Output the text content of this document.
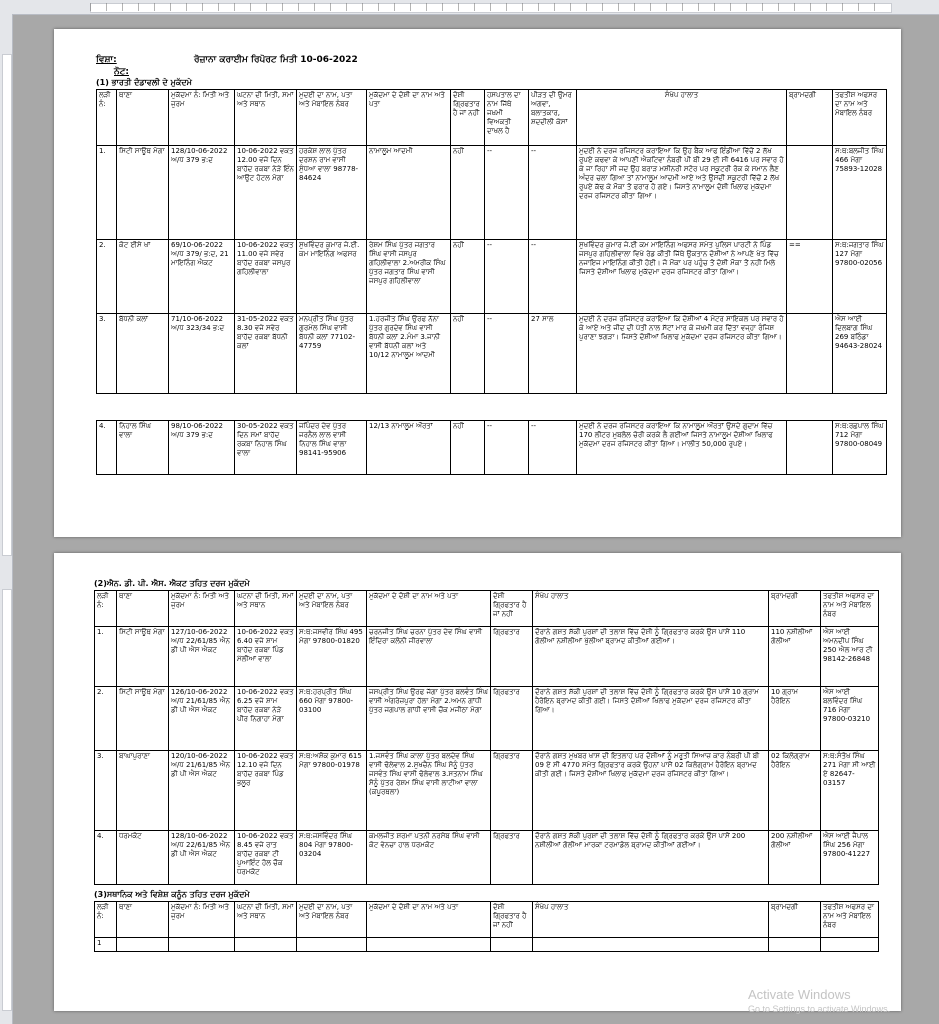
ਵਿਸ਼ਾ:	ਰੋਜ਼ਾਨਾ ਕਰਾਈਮ ਰਿਪੋਰਟ ਮਿਤੀ 10-06-2022
ਨੋਟ:
(1) ਭਾਰਤੀ ਦੰਡਾਵਲੀ ਦੇ ਮੁਕੱਦਮੇ
ਲੜੀ ਨੰ:	ਥਾਣਾ	ਮੁਕੱਦਮਾ ਨੰ: ਮਿਤੀ ਅਤੇ ਜੁਰਮ	ਘਟਨਾ ਦੀ ਮਿਤੀ, ਸਮਾਂ ਅਤੇ ਸਥਾਨ	ਮੁਦਈ ਦਾ ਨਾਮ, ਪਤਾ ਅਤੇ ਮੋਬਾਇਲ ਨੰਬਰ	ਮੁਕੱਦਮਾ ਦੇ ਦੋਸ਼ੀ ਦਾ ਨਾਮ ਅਤੇ ਪਤਾ	ਦੋਸ਼ੀ ਗ੍ਰਿਫਤਾਰ ਹੈ ਜਾਂ ਨਹੀਂ	ਹਸਪਤਾਲ ਦਾ ਨਾਮ ਜਿੱਥੇ ਜਖ਼ਮੀ ਵਿਅਕਤੀ ਦਾਖਲ ਹੈ	ਪੀੜਤ ਦੀ ਉਮਰ ਅਗਵਾ, ਬਲਾਤਕਾਰ, ਸ਼ਦਦੀਲੀ ਕੇਸਾਂ	ਸੰਖੇਪ ਹਾਲਾਤ	ਬ੍ਰਾਮਦਗੀ	ਤਫਤੀਸ਼ ਅਫਸਰ ਦਾ ਨਾਮ ਅਤੇ ਮੋਬਾਇਲ ਨੰਬਰ
1.	ਸਿਟੀ ਸਾਊਥ ਮੋਗਾ	128/10-06-2022 ਅ/ਧ 379 ਭ:ਦ	10-06-2022 ਵਕਤ 12.00 ਵਜੇ ਦਿਨ ਬਾਹੱਦ ਰਕਬਾ ਨੇੜੇ ਇੰਨ ਆਉਟ ਹੋਟਲ ਮੋਗਾ	ਹਰਕੇਸ਼ ਲਾਲ ਪੁੱਤਰ ਦਰਸ਼ਨ ਰਾਮ ਵਾਸੀ ਸੁੰਧਆ ਵਾਲਾ 98778-84624	ਨਾਮਾਲੂਮ ਆਦਮੀ	ਨਹੀਂ	--	--	ਮੁਦਈ ਨੇ ਦਰਜ ਰਜਿਸਟਰ ਕਰਾਇਆ ਕਿ ਉਹ ਬੈਂਕ ਆਫ ਇੰਡੀਆ ਵਿੱਚੋਂ 2 ਲੱਖ ਰੁਪਏ ਕਢਵਾ ਕੇ ਆਪਣੀ ਐਕਟਿਵਾ ਨੰਬਰੀ ਪੀ ਬੀ 29 ਈ ਸੀ 6416 ਪਰ ਸਵਾਰ ਹੋ ਕੇ ਜਾ ਰਿਹਾ ਸੀ ਜਦ ਉਹ ਬਰਾੜ ਮਸ਼ੀਨਰੀ ਸਟੋਰ ਪਰ ਸਕੂਟਰੀ ਰੋਕ ਕੇ ਸਮਾਨ ਲੈਣ ਅੰਦਰ ਚਲਾ ਗਿਆ ਤਾਂ ਨਾਮਾਲੂਮ ਆਦਮੀ ਆਏ ਅਤੇ ਉਸਦੀ ਸਕੂਟਰੀ ਵਿੱਚੋਂ 2 ਲੱਖ ਰੁਪਏ ਕੱਢ ਕੇ ਮੌਕਾ ਤੋਂ ਫਰਾਰ ਹੋ ਗਏ। ਜਿਸਤੇ ਨਾਮਾਲੂਮ ਦੋਸ਼ੀ ਖਿਲਾਫ ਮੁਕੱਦਮਾ ਦਰਜ ਰਜਿਸਟਰ ਕੀਤਾ ਗਿਆ।		ਸ:ਥ:ਬਲਜੀਤ ਸਿੰਘ 466 ਮੋਗਾ 75893-12028
2.	ਕੋਟ ਈਸੇ ਖਾਂ	69/10-06-2022 ਅ/ਧ 379/ ਭ:ਦ, 21 ਮਾਇਨਿੰਗ ਐਕਟ	10-06-2022 ਵਕਤ 11.00 ਵਜੇ ਸਵੇਰ ਬਾਹੱਦ ਰਕਬਾ ਜਸਪੁਰ ਗਹਿਲੀਵਾਲਾ	ਸੁਖਵਿੰਦਰ ਕੁਮਾਰ ਜੇ.ਈ. ਕਮ ਮਾਇਨਿੰਗ ਅਫਸਰ	ਰੇਸ਼ਮ ਸਿੰਘ ਪੁੱਤਰ ਜਗਤਾਰ ਸਿੰਘ ਵਾਸੀ ਜਸਪੁਰ ਗਹਿਲੀਵਾਲਾ 2.ਅਮਰੀਕ ਸਿੰਘ ਪੁੱਤਰ ਜਗਤਾਰ ਸਿੰਘ ਵਾਸੀ ਜਸਪੁਰ ਗਹਿਲੀਵਾਲਾ	ਨਹੀਂ	--	--	ਸੁਖਵਿੰਦਰ ਕੁਮਾਰ ਜੇ.ਈ ਕਮ ਮਾਇਨਿੰਗ ਅਫਸਰ ਸਮੇਤ ਪੁਲਿਸ ਪਾਰਟੀ ਨੇ ਪਿੰਡ ਜਸਪੁਰ ਗਹਿਲੀਵਾਲਾ ਵਿਖੇ ਰੇਡ ਕੀਤੀ ਜਿੱਥੇ ਉਕਤਾਨ ਦੋਸ਼ੀਆਂ ਨੇ ਆਪਣੇ ਖੇਤ ਵਿੱਚ ਨਜਾਇਜ ਮਾਇਨਿੰਗ ਕੀਤੀ ਹੋਈ। ਜੋ ਮੌਕਾ ਪਰ ਪਹੁੰਚ ਤੋਂ ਦੋਸ਼ੀ ਮੌਕਾ ਤੋਂ ਨਹੀਂ ਮਿਲੇ ਜਿਸਤੇ ਦੋਸ਼ੀਆਂ ਖਿਲਾਫ ਮੁਕੱਦਮਾ ਦਰਜ ਰਜਿਸਟਰ ਕੀਤਾ ਗਿਆ।	==	ਸ:ਥ:ਜਗਤਾਰ ਸਿੰਘ 127 ਮੋਗਾ 97800-02056
3.	ਬੱਧਨੀ ਕਲਾਂ	71/10-06-2022 ਅ/ਧ 323/34 ਭ:ਦ	31-05-2022 ਵਕਤ 8.30 ਵਜੇ ਸਵੇਰ ਬਾਹੱਦ ਰਕਬਾ ਬੱਧਨੀ ਕਲਾਂ	ਮਨਪ੍ਰੀਤ ਸਿੰਘ ਪੁੱਤਰ ਗੁਰਮੇਲ ਸਿੰਘ ਵਾਸੀ ਬੱਧਨੀ ਕਲਾਂ 77102-47759	1.ਹਰਜੀਤ ਸਿੰਘ ਉਰਫ ਨੱਨਾ ਪੁੱਤਰ ਗੁਰਦੇਵ ਸਿੰਘ ਵਾਸੀ ਬੱਧਨੀ ਕਲਾਂ 2.ਮੰਮਾ 3.ਜਾਨੀ ਵਾਸੀ ਬੱਧਨੀ ਕਲਾਂ ਅਤੇ 10/12 ਨਾਮਾਲੂਮ ਆਦਮੀ	ਨਹੀਂ	--	27 ਸਾਲ	ਮੁਦਈ ਨੇ ਦਰਜ ਰਜਿਸਟਰ ਕਰਾਇਆ ਕਿ ਦੋਸ਼ੀਆਂ 4 ਮੋਟਰ ਸਾਇਕਲ ਪਰ ਸਵਾਰ ਹੋ ਕੇ ਆਏ ਅਤੇ ਜੀਦ ਦੀ ਪੱਤੀ ਨਾਲ ਸੱਟਾਂ ਮਾਰ ਕੇ ਜਖਮੀ ਕਰ ਦਿੱਤਾ ਵਜ੍ਹਾ ਰੰਜਿਸ਼ ਪੁਰਾਣਾ ਝਗੜਾ। ਜਿਸਤੇ ਦੋਸ਼ੀਆਂ ਖਿਲਾਫ ਮੁਕੱਦਮਾ ਦਰਜ ਰਜਿਸਟਰ ਕੀਤਾ ਗਿਆ।		ਐਸ ਆਈ ਦਿਲਬਾਗ ਸਿੰਘ 269 ਬਠਿੰਡਾ 94643-28024
4.	ਨਿਹਾਲ ਸਿੰਘ ਵਾਲਾ	98/10-06-2022 ਅ/ਧ 379 ਭ:ਦ	30-05-2022 ਵਕਤ ਦਿਨ ਸਮਾਂ ਬਾਹੱਦ ਰਕਬਾ ਨਿਹਾਲ ਸਿੰਘ ਵਾਲਾ	ਜਪਿੰਦਰ ਦੇਵ ਪੁੱਤਰ ਜਰਨੈਲ ਲਾਲ ਵਾਸੀ ਨਿਹਾਲ ਸਿੰਘ ਵਾਲਾ 98141-95906	12/13 ਨਾਮਾਲੂਮ ਔਰਤਾਂ	ਨਹੀਂ	--	--	ਮੁਦਈ ਨੇ ਦਰਜ ਰਜਿਸਟਰ ਕਰਾਇਆ ਕਿ ਨਾਮਾਲੂਮ ਔਰਤਾਂ ਉਸਦੇ ਗੁਦਾਮ ਵਿੱਚ 170 ਲੀਟਰ ਮੁਬਲੋਲ ਚੋਰੀ ਕਰਕੇ ਲੈ ਗਈਆਂ ਜਿਸਤੇ ਨਾਮਾਲੂਮ ਦੋਸ਼ੀਆ ਖਿਲਾਫ ਮੁਕੱਦਮਾ ਦਰਜ ਰਜਿਸਟਰ ਕੀਤਾ ਗਿਆ। ਮਾਲੀਤ 50,000 ਰੁਪਏ।		ਸ:ਥ:ਰਛਪਾਲ ਸਿੰਘ 712 ਮੋਗਾ 97800-08049
(2)ਐਨ. ਡੀ. ਪੀ. ਐਸ. ਐਕਟ ਤਹਿਤ ਦਰਜ ਮੁਕੱਦਮੇ
ਲੜੀ ਨੰ:	ਥਾਣਾ	ਮੁਕੱਦਮਾ ਨੰ: ਮਿਤੀ ਅਤੇ ਜੁਰਮ	ਘਟਨਾ ਦੀ ਮਿਤੀ, ਸਮਾਂ ਅਤੇ ਸਥਾਨ	ਮੁਦਈ ਦਾ ਨਾਮ, ਪਤਾ ਅਤੇ ਮੋਬਾਇਲ ਨੰਬਰ	ਮੁਕੱਦਮਾ ਦੇ ਦੋਸ਼ੀ ਦਾ ਨਾਮ ਅਤੇ ਪਤਾ	ਦੋਸ਼ੀ ਗ੍ਰਿਫਤਾਰ ਹੈ ਜਾਂ ਨਹੀਂ	ਸੰਖੇਪ ਹਾਲਾਤ	ਬ੍ਰਾਮਦਗੀ	ਤਫਤੀਸ਼ ਅਫਸਰ ਦਾ ਨਾਮ ਅਤੇ ਮੋਬਾਇਲ ਨੰਬਰ
1.	ਸਿਟੀ ਸਾਊਥ ਮੋਗਾ	127/10-06-2022 ਅ/ਧ 22/61/85 ਐਨ ਡੀ ਪੀ ਐਸ ਐਕਟ	10-06-2022 ਵਕਤ 6.40 ਵਜੇ ਸ਼ਾਮ ਬਾਹੱਦ ਰਕਬਾ ਪਿੰਡ ਮੱਲੀਆਂ ਵਾਲਾ	ਸ:ਥ:ਜਸਵੀਰ ਸਿੰਘ 495 ਮੋਗਾ 97800-01820	ਚਰਨਜੀਤ ਸਿੰਘ ਚਰਨਾ ਪੁੱਤਰ ਦੇਵ ਸਿੰਘ ਵਾਸੀ ਇੰਦਿਰਾ ਕਲੋਨੀ ਜੀਰਵਾਲਾ	ਗ੍ਰਿਫਤਾਰ	ਦੌਰਾਨੇ ਗਸ਼ਤ ਸ਼ੱਕੀ ਪੁਰਸ਼ਾਂ ਦੀ ਤਲਾਸ਼ ਵਿੱਚ ਦੋਸ਼ੀ ਨੂੰ ਗ੍ਰਿਫਤਾਰ ਕਰਕੇ ਉਸ ਪਾਸੋਂ 110 ਗੋਲੀਆਂ ਨਸ਼ੀਲੀਆਂ ਖੁੱਲੀਆਂ ਬ੍ਰਾਮਦ ਕੀਤੀਆਂ ਗਈਆਂ।	110 ਨਸ਼ੀਲੀਆਂ ਗੋਲੀਆਂ	ਐਸ ਆਈ ਅਮਨਦੀਪ ਸਿੰਘ 250 ਐਲ ਆਰ ਟੀ 98142-26848
2.	ਸਿਟੀ ਸਾਊਥ ਮੋਗਾ	126/10-06-2022 ਅ/ਧ 21/61/85 ਐਨ ਡੀ ਪੀ ਐਸ ਐਕਟ	10-06-2022 ਵਕਤ 6.25 ਵਜੇ ਸ਼ਾਮ ਬਾਹੱਦ ਰਕਬਾ ਨੇੜੇ ਪੀਰ ਨਿਗਾਹਾ ਮੋਗਾ	ਸ:ਥ:ਹਰਪ੍ਰੀਤ ਸਿੰਘ 660 ਮੋਗਾ 97800-03100	ਜਸਪ੍ਰੀਤ ਸਿੰਘ ਉਰਫ ਜੱਗਾ ਪੁੱਤਰ ਬਲਵੰਤ ਸਿੰਘ ਵਾਸੀ ਅੰਗਰੇਜ਼ਪੁਰਾ ਹੱਲਾ ਮੋਗਾ 2.ਅਮਨ ਗਾਂਧੀ ਪੁੱਤਰ ਜਗਪਾਲ ਗਾਂਧੀ ਵਾਸੀ ਚੌਕ ਮਜੀਠਾ ਮੋਗਾ	ਗ੍ਰਿਫਤਾਰ	ਦੌਰਾਨੇ ਗਸ਼ਤ ਸ਼ੱਕੀ ਪੁਰਸ਼ਾਂ ਦੀ ਤਲਾਸ਼ ਵਿੱਚ ਦੋਸ਼ੀ ਨੂੰ ਗ੍ਰਿਫਤਾਰ ਕਰਕੇ ਉਸ ਪਾਸੋਂ 10 ਗ੍ਰਾਮ ਹੈਰੋਇਨ ਬ੍ਰਾਮਦ ਕੀਤੀ ਗਈ। ਜਿਸਤੇ ਦੋਸ਼ੀਆਂ ਖਿਲਾਫ ਮੁਕੱਦਮਾ ਦਰਜ ਰਜਿਸਟਰ ਕੀਤਾ ਗਿਆ।	10 ਗ੍ਰਾਮ ਹੈਰੋਇਨ	ਐਸ ਆਈ ਬਲਵਿੰਦਰ ਸਿੰਘ 716 ਮੋਗਾ 97800-03210
3.	ਬਾਘਾਪੁਰਾਣਾ	120/10-06-2022 ਅ/ਧ 21/61/85 ਐਨ ਡੀ ਪੀ ਐਸ ਐਕਟ	10-06-2022 ਵਕਤ 12.10 ਵਜੇ ਦਿਨ ਬਾਹੱਦ ਰਕਬਾ ਪਿੰਡ ਭਲੂਰ	ਸ:ਥ:ਅਸ਼ੋਕ ਕੁਮਾਰ 615 ਮੋਗਾ 97800-01978	1.ਜਸਵੰਤ ਸਿੰਘ ਕਾਲਾ ਪੁੱਤਰ ਬਲਦੇਵ ਸਿੰਘ ਵਾਸੀ ਢੋਲੇਵਾਲ 2.ਸੁਖਚੈਨ ਸਿੰਘ ਸੋਨੂੰ ਪੁੱਤਰ ਜਸਵੰਤ ਸਿੰਘ ਵਾਸੀ ਢੋਲੇਵਾਲ 3.ਸਤਨਾਮ ਸਿੰਘ ਸੋਨੂੰ ਪੁੱਤਰ ਰੇਸ਼ਮ ਸਿੰਘ ਵਾਸੀ ਲਾਟੀਆਂ ਵਾਲਾ (ਕਪੂਰਥਲਾ)	ਗ੍ਰਿਫਤਾਰ	ਦੌਰਾਨੇ ਗਸ਼ਤ ਮੁਖਬਰ ਖਾਸ ਦੀ ਇਤਲਾਹ ਪਰ ਦੋਸ਼ੀਆਂ ਨੂੰ ਮਰੂਤੀ ਸਿਆਜ਼ ਕਾਰ ਨੰਬਰੀ ਪੀ ਬੀ 09 ਏ ਸੀ 4770 ਸਮੇਤ ਗ੍ਰਿਫਤਾਰ ਕਰਕੇ ਉਹਨਾਂ ਪਾਸੋਂ 02 ਕਿਲੋਗ੍ਰਾਮ ਹੈਰੋਇਨ ਬ੍ਰਾਮਦ ਕੀਤੀ ਗਈ। ਜਿਸਤੇ ਦੋਸ਼ੀਆਂ ਖਿਲਾਫ ਮੁਕੱਦਮਾ ਦਰਜ ਰਜਿਸਟਰ ਕੀਤਾ ਗਿਆ।	02 ਕਿਲੋਗ੍ਰਾਮ ਹੈਰੋਇਨ	ਸ:ਥ:ਸੰਤੋਖ ਸਿੰਘ 271 ਮੋਗਾ ਸੀ ਆਈ ਏ 82647-03157
4.	ਧਰਮਕੋਟ	128/10-06-2022 ਅ/ਧ 22/61/85 ਐਨ ਡੀ ਪੀ ਐਸ ਐਕਟ	10-06-2022 ਵਕਤ 8.45 ਵਜੇ ਰਾਤ ਬਾਹੱਦ ਰਕਬਾ ਟੀ ਪੁਆਇੰਟ ਹੋਲ ਚੌਕ ਧਰਮਕੋਟ	ਸ:ਥ:ਜਸਵਿੰਦਰ ਸਿੰਘ 804 ਮੋਗਾ 97800-03204	ਕਮਲਜੀਤ ਸ਼ਰਮਾ ਪਤਨੀ ਨਰਸੇਬ ਸਿੰਘ ਵਾਸੀ ਕੋਟ ਵੇਨਚਾ ਹਾਲ ਧਰਮਕੋਟ	ਗ੍ਰਿਫਤਾਰ	ਦੌਰਾਨੇ ਗਸ਼ਤ ਸ਼ੱਕੀ ਪੁਰਸ਼ਾਂ ਦੀ ਤਲਾਸ਼ ਵਿੱਚ ਦੋਸ਼ੀ ਨੂੰ ਗ੍ਰਿਫਤਾਰ ਕਰਕੇ ਉਸ ਪਾਸੋਂ 200 ਨਸ਼ੀਲੀਆਂ ਗੋਲੀਆਂ ਮਾਰਕਾ ਟਰਮਾਡੋਲ ਬ੍ਰਾਮਦ ਕੀਤੀਆਂ ਗਈਆਂ।	200 ਨਸ਼ੀਲੀਆਂ ਗੋਲੀਆਂ	ਐਸ ਆਈ ਜੈਪਾਲ ਸਿੰਘ 256 ਮੋਗਾ 97800-41227
(3)ਸਥਾਨਿਕ ਅਤੇ ਵਿਸ਼ੇਸ਼ ਕਨੂੰਨ ਤਹਿਤ ਦਰਜ ਮੁਕੱਦਮੇ
ਲੜੀ ਨੰ:	ਥਾਣਾ	ਮੁਕੱਦਮਾ ਨੰ: ਮਿਤੀ ਅਤੇ ਜੁਰਮ	ਘਟਨਾ ਦੀ ਮਿਤੀ, ਸਮਾਂ ਅਤੇ ਸਥਾਨ	ਮੁਦਈ ਦਾ ਨਾਮ, ਪਤਾ ਅਤੇ ਮੋਬਾਇਲ ਨੰਬਰ	ਮੁਕੱਦਮਾ ਦੇ ਦੋਸ਼ੀ ਦਾ ਨਾਮ ਅਤੇ ਪਤਾ	ਦੋਸ਼ੀ ਗ੍ਰਿਫਤਾਰ ਹੈ ਜਾਂ ਨਹੀਂ	ਸੰਖੇਪ ਹਾਲਾਤ	ਬ੍ਰਾਮਦਗੀ	ਤਫਤੀਸ਼ ਅਫਸਰ ਦਾ ਨਾਮ ਅਤੇ ਮੋਬਾਇਲ ਨੰਬਰ
1									
Activate Windows
Go to Settings to activate Windows.
